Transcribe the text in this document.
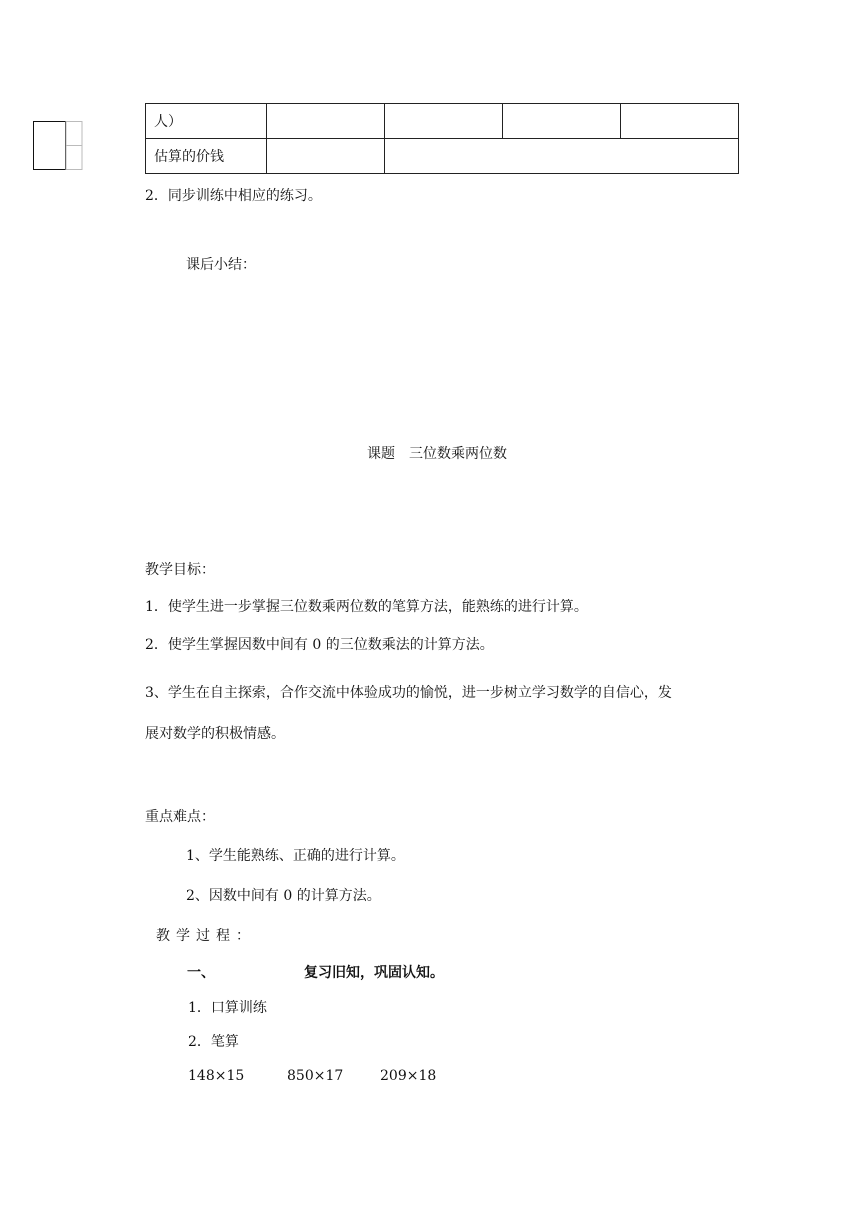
人）				
估算的价钱				
2．同步训练中相应的练习。
课后小结：
课题　三位数乘两位数
教学目标：
1．使学生进一步掌握三位数乘两位数的笔算方法，能熟练的进行计算。
2．使学生掌握因数中间有 0 的三位数乘法的计算方法。
3、学生在自主探索，合作交流中体验成功的愉悦，进一步树立学习数学的自信心，发
展对数学的积极情感。
重点难点：
1、学生能熟练、正确的进行计算。
2、因数中间有 0 的计算方法。
教学过程：
一、	复习旧知，巩固认知。
1．口算训练
2．笔算
148×15	850×17	209×18
